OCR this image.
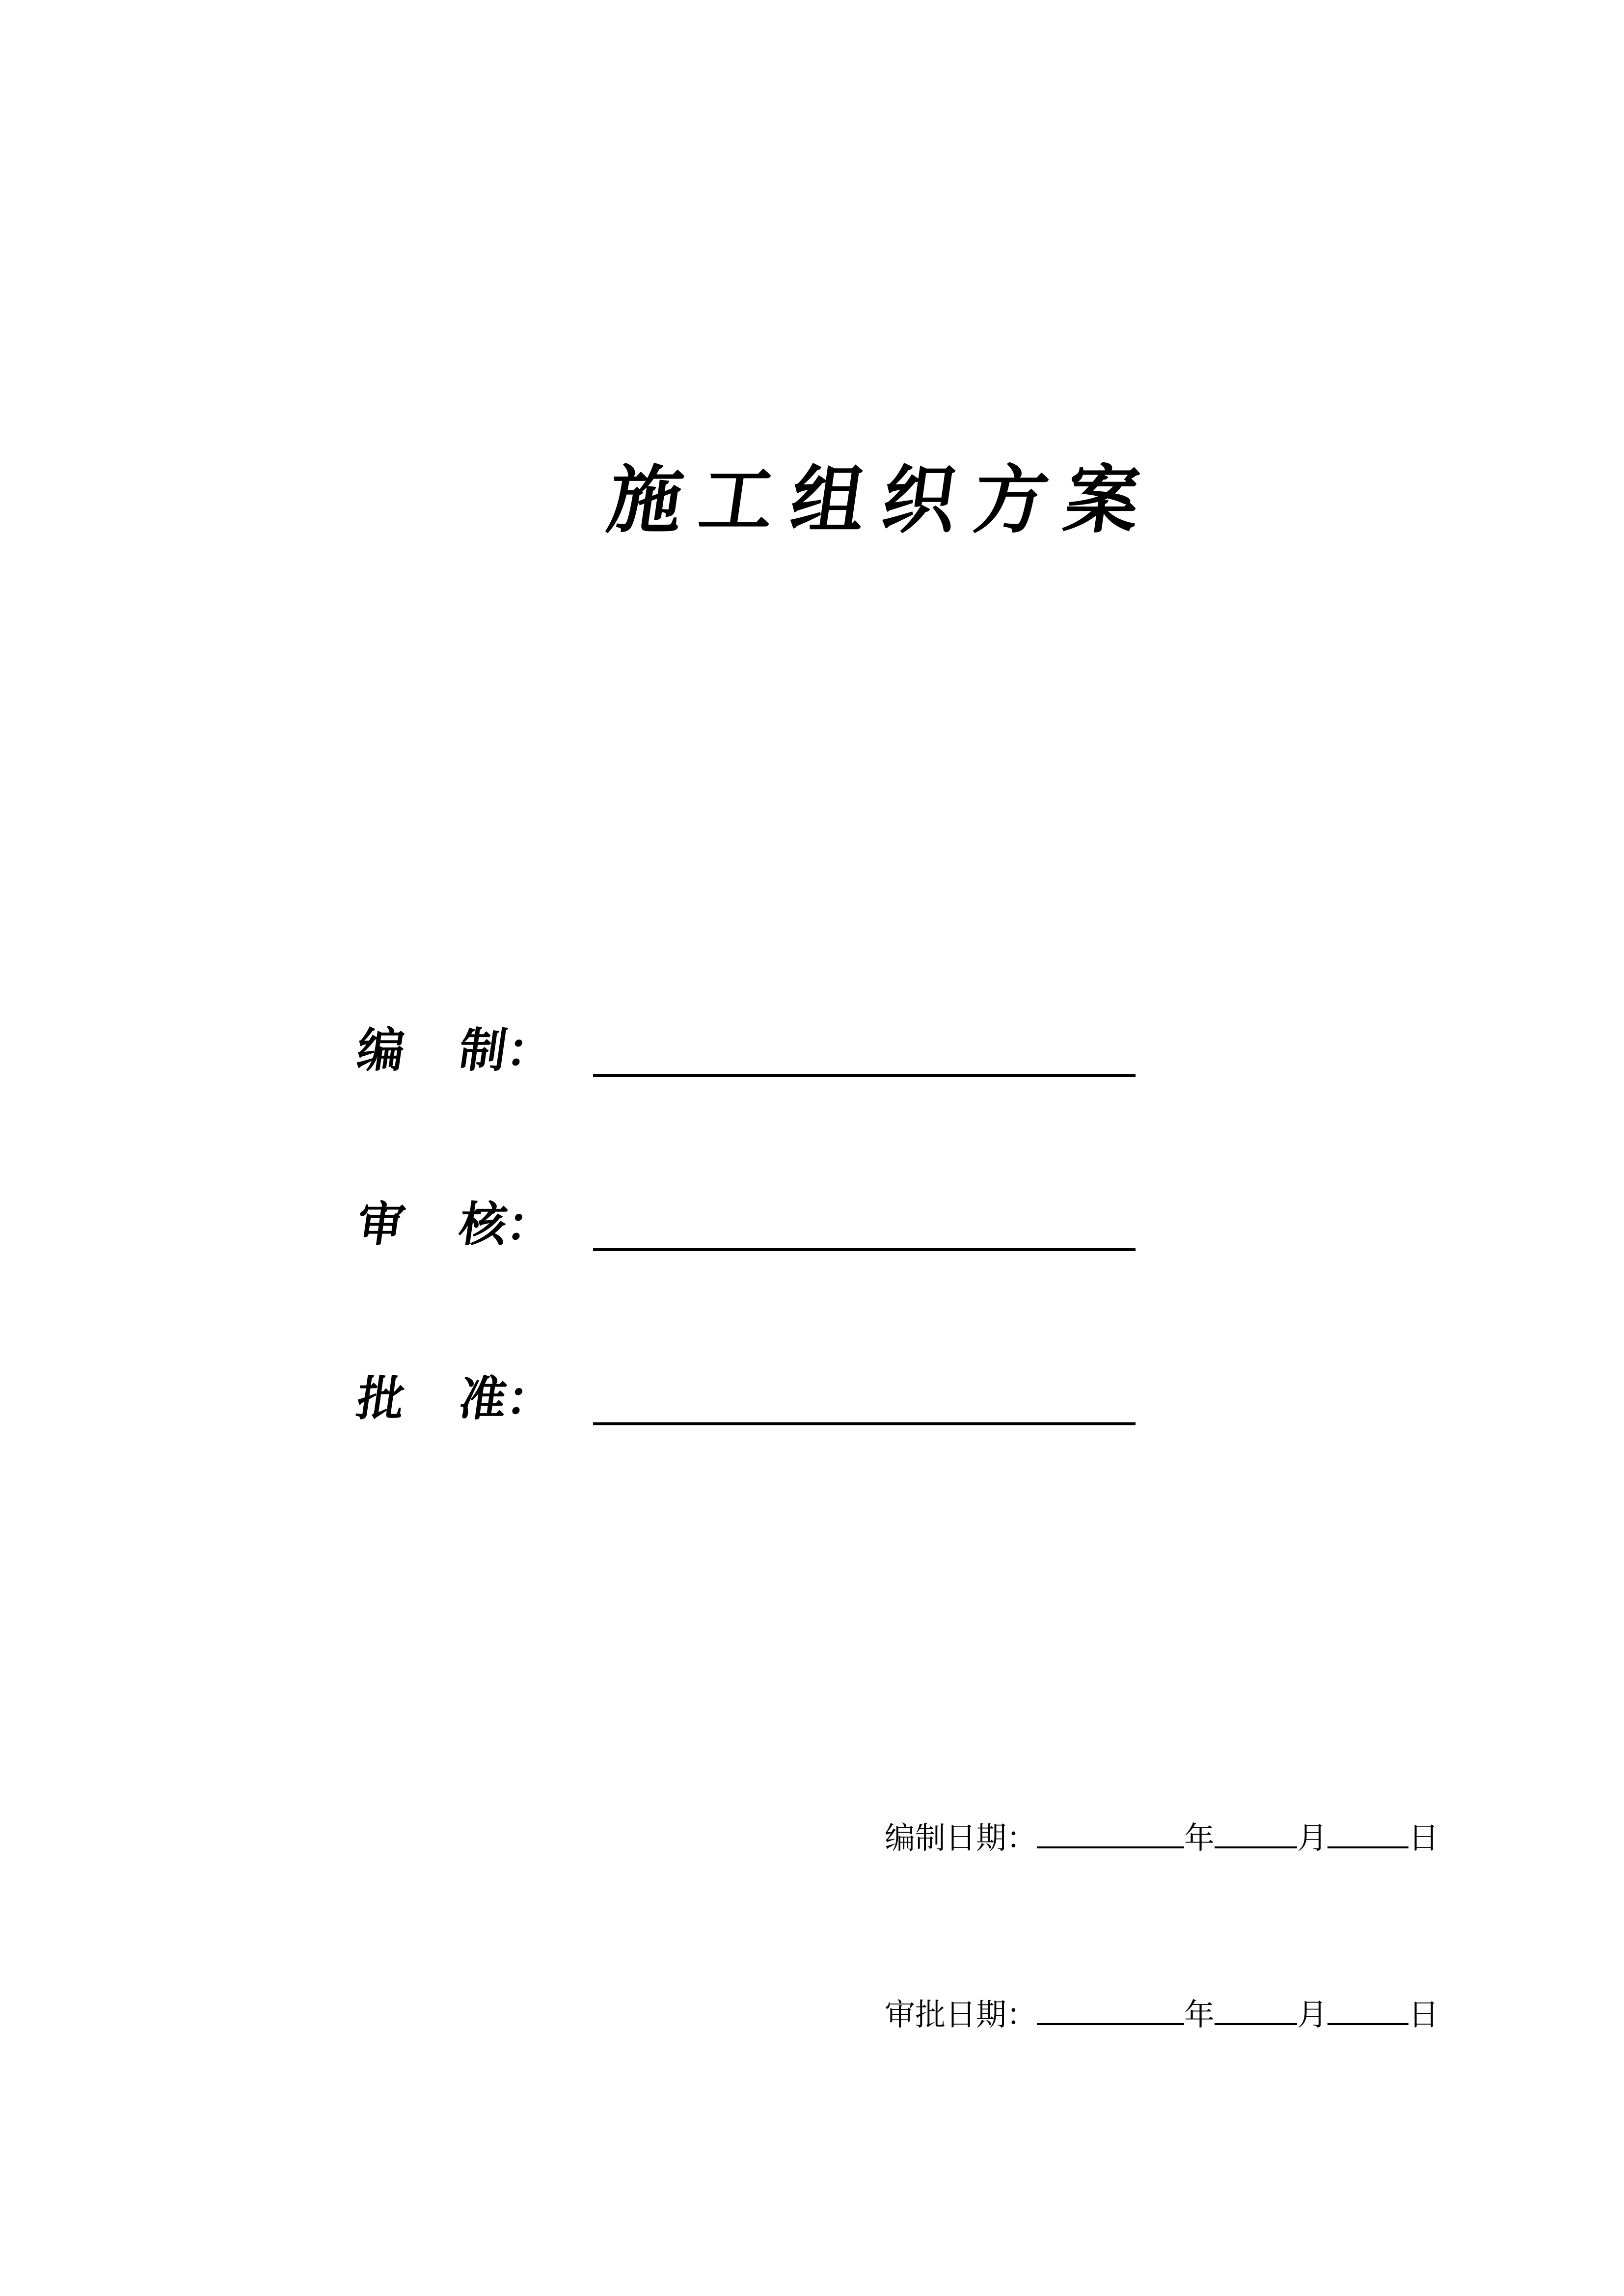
施工组织方案
编	制
：
审	核
：
批	准
：
编制日期：	年	月	日
审批日期：	年	月	日
